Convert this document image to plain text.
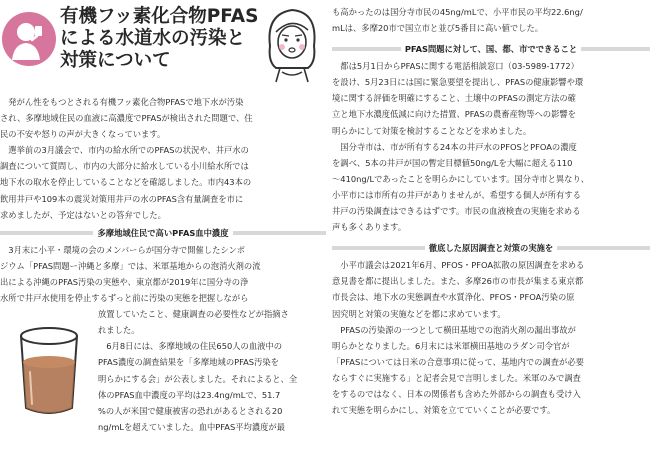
有機フッ素化合物PFAS
による水道水の汚染と
対策について
　発がん性をもつとされる有機フッ素化合物PFASで地下水が汚染
され、多摩地域住民の血液に高濃度でPFASが検出された問題で、住
民の不安や怒りの声が大きくなっています。
　選挙前の3月議会で、市内の給水所でのPFASの状況や、井戸水の
調査について質問し、市内の大部分に給水している小川給水所では
地下水の取水を停止していることなどを確認しました。市内43本の
飲用井戸や109本の震災対策用井戸の水のPFAS含有量調査を市に
求めましたが、予定はないとの答弁でした。
多摩地域住民で高いPFAS血中濃度
　3月末に小平・環境の会のメンバーらが国分寺で開催したシンポ
ジウム「PFAS問題ー沖縄と多摩」では、米軍基地からの泡消火剤の流
出による沖縄のPFAS汚染の実態や、東京都が2019年に国分寺の浄
水所で井戸水使用を停止するずっと前に汚染の実態を把握しながら
放置していたこと、健康調査の必要性などが指摘さ
れました。
　6月8日には、多摩地域の住民650人の血液中の
PFAS濃度の調査結果を「多摩地域のPFAS汚染を
明らかにする会」が公表しました。それによると、全
体のPFAS血中濃度の平均は23.4ng/mLで、51.7
%の人が米国で健康被害の恐れがあるとされる20
ng/mLを超えていました。血中PFAS平均濃度が最
も高かったのは国分寺市民の45ng/mLで、小平市民の平均22.6ng/
mLは、多摩20市で国立市と並び5番目に高い値でした。
PFAS問題に対して、国、都、市でできること
　都は5月1日からPFASに関する電話相談窓口（03-5989-1772）
を設け、5月23日には国に緊急要望を提出し、PFASの健康影響や環
境に関する評価を明確にすること、土壌中のPFASの測定方法の確
立と地下水濃度低減に向けた措置、PFASの農畜産物等への影響を
明らかにして対策を検討することなどを求めました。
　国分寺市は、市が所有する24本の井戸水のPFOSとPFOAの濃度
を調べ、5本の井戸が国の暫定目標値50ng/Lを大幅に超える110
〜410ng/Lであったことを明らかにしています。国分寺市と異なり、
小平市には市所有の井戸がありませんが、希望する個人が所有する
井戸の汚染調査はできるはずです。市民の血液検査の実施を求める
声も多くあります。
徹底した原因調査と対策の実施を
　小平市議会は2021年6月、PFOS・PFOA拡散の原因調査を求める
意見書を都に提出しました。また、多摩26市の市長が集まる東京都
市長会は、地下水の実態調査や水質浄化、PFOS・PFOA汚染の原
因究明と対策の実施などを都に求めています。
　PFASの汚染源の一つとして横田基地での泡消火剤の漏出事故が
明らかとなりました。6月末には米軍横田基地のラダン司令官が
「PFASについては日米の合意事項に従って、基地内での調査が必要
ならすぐに実施する」と記者会見で言明しました。米軍のみで調査
をするのではなく、日本の関係者も含めた外部からの調査も受け入
れて実態を明らかにし、対策を立てていくことが必要です。
